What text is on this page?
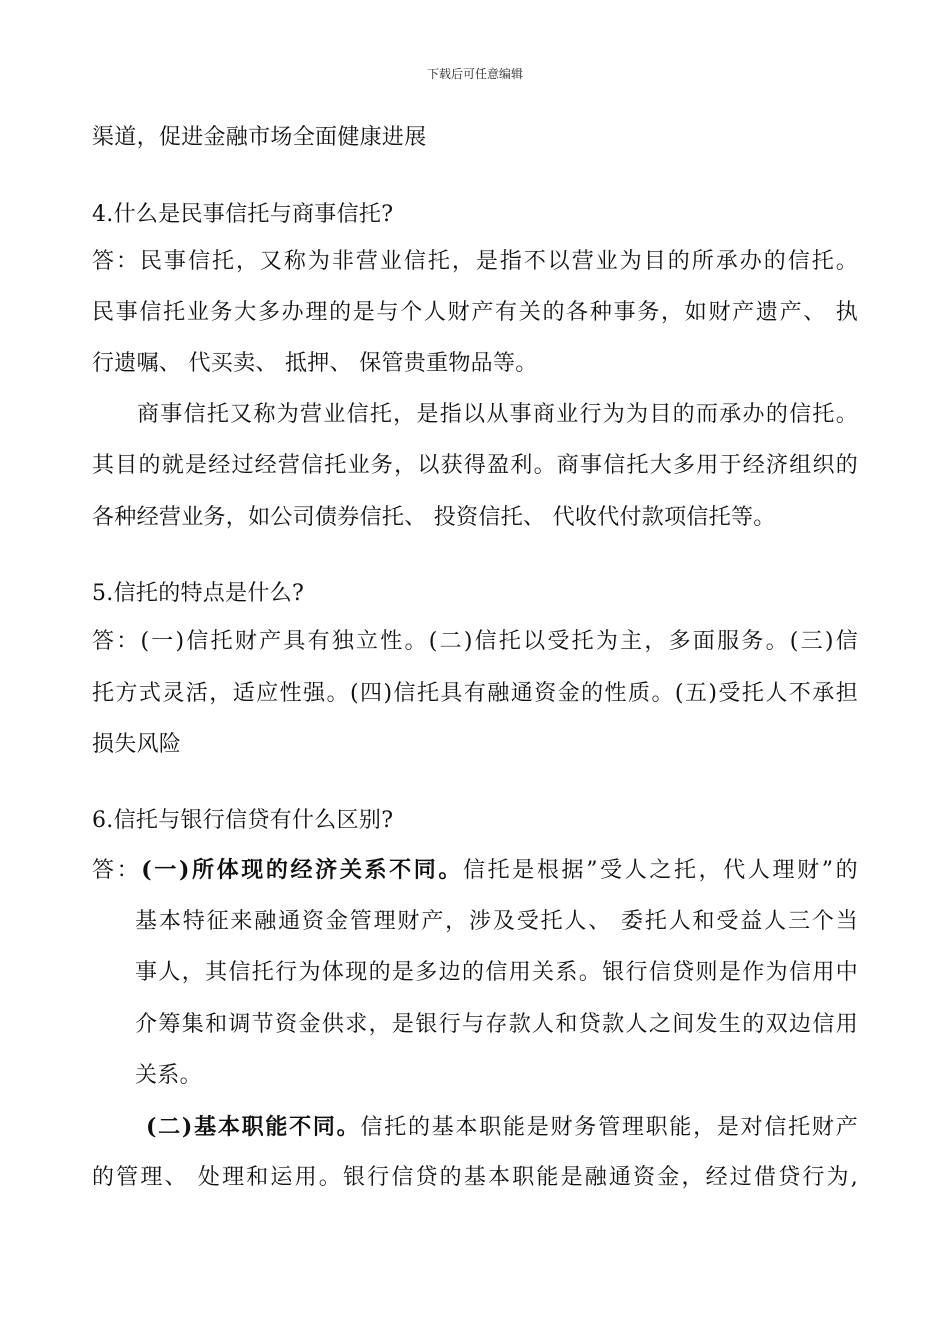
下载后可任意编辑
渠道，促进金融市场全面健康进展
4.什么是民事信托与商事信托?
答：民事信托，又称为非营业信托，是指不以营业为目的所承办的信托。
民事信托业务大多办理的是与个人财产有关的各种事务，如财产遗产、 执
行遗嘱、 代买卖、 抵押、 保管贵重物品等。
商事信托又称为营业信托，是指以从事商业行为为目的而承办的信托。
其目的就是经过经营信托业务，以获得盈利。商事信托大多用于经济组织的
各种经营业务，如公司债券信托、 投资信托、 代收代付款项信托等。
5.信托的特点是什么?
答：(一)信托财产具有独立性。(二)信托以受托为主，多面服务。(三)信
托方式灵活，适应性强。(四)信托具有融通资金的性质。(五)受托人不承担
损失风险
6.信托与银行信贷有什么区别?
答：(一)所体现的经济关系不同。信托是根据”受人之托，代人理财”的
基本特征来融通资金管理财产，涉及受托人、 委托人和受益人三个当
事人，其信托行为体现的是多边的信用关系。银行信贷则是作为信用中
介筹集和调节资金供求，是银行与存款人和贷款人之间发生的双边信用
关系。
(二)基本职能不同。信托的基本职能是财务管理职能，是对信托财产
的管理、 处理和运用。银行信贷的基本职能是融通资金，经过借贷行为,
